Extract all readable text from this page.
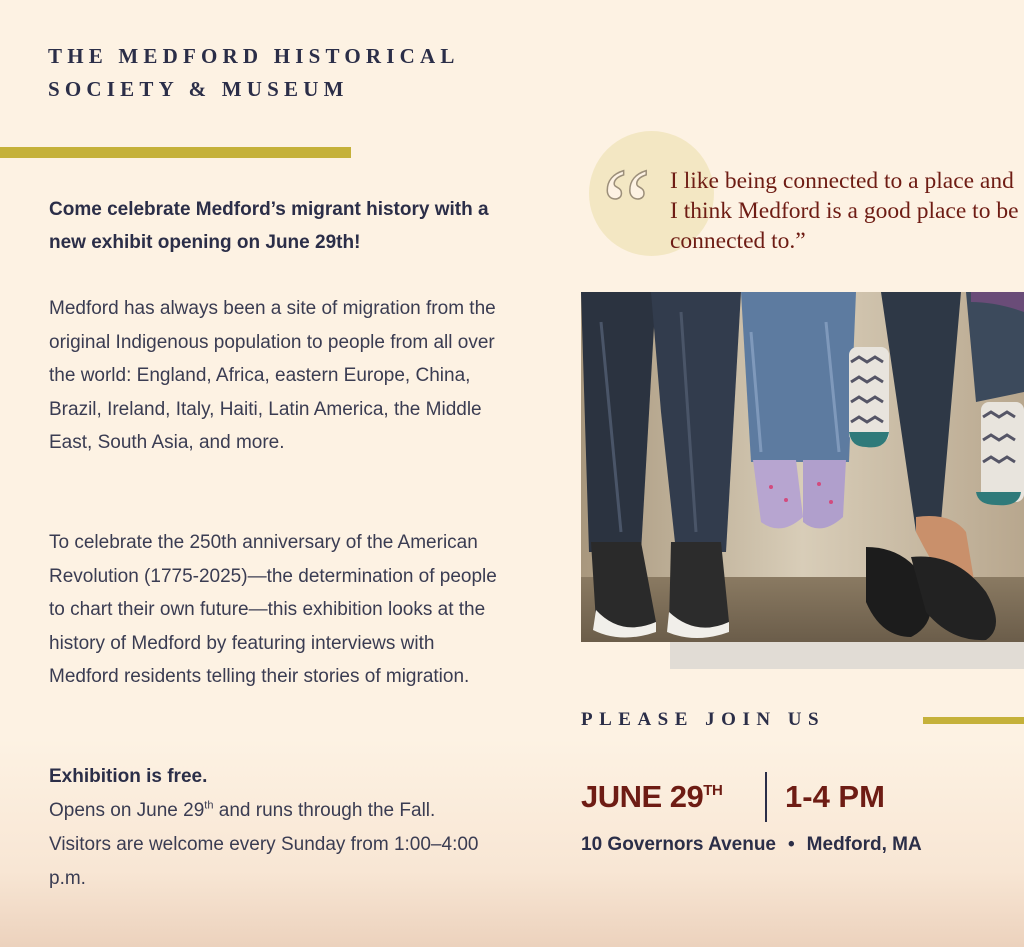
THE MEDFORD HISTORICAL
SOCIETY & MUSEUM
Come celebrate Medford’s migrant history with a new exhibit opening on June 29th!
Medford has always been a site of migration from the original Indigenous population to people from all over the world: England, Africa, eastern Europe, China, Brazil, Ireland, Italy, Haiti, Latin America, the Middle East, South Asia, and more.
To celebrate the 250th anniversary of the American Revolution (1775-2025)—the determination of people to chart their own future—this exhibition looks at the history of Medford by featuring interviews with Medford residents telling their stories of migration.
Exhibition is free.
Opens on June 29th and runs through the Fall.
Visitors are welcome every Sunday from 1:00–4:00 p.m.
“ I like being connected to a place and I think Medford is a good place to be connected to.”
PLEASE JOIN US
JUNE 29TH 1-4 PM
10 Governors Avenue • Medford, MA
